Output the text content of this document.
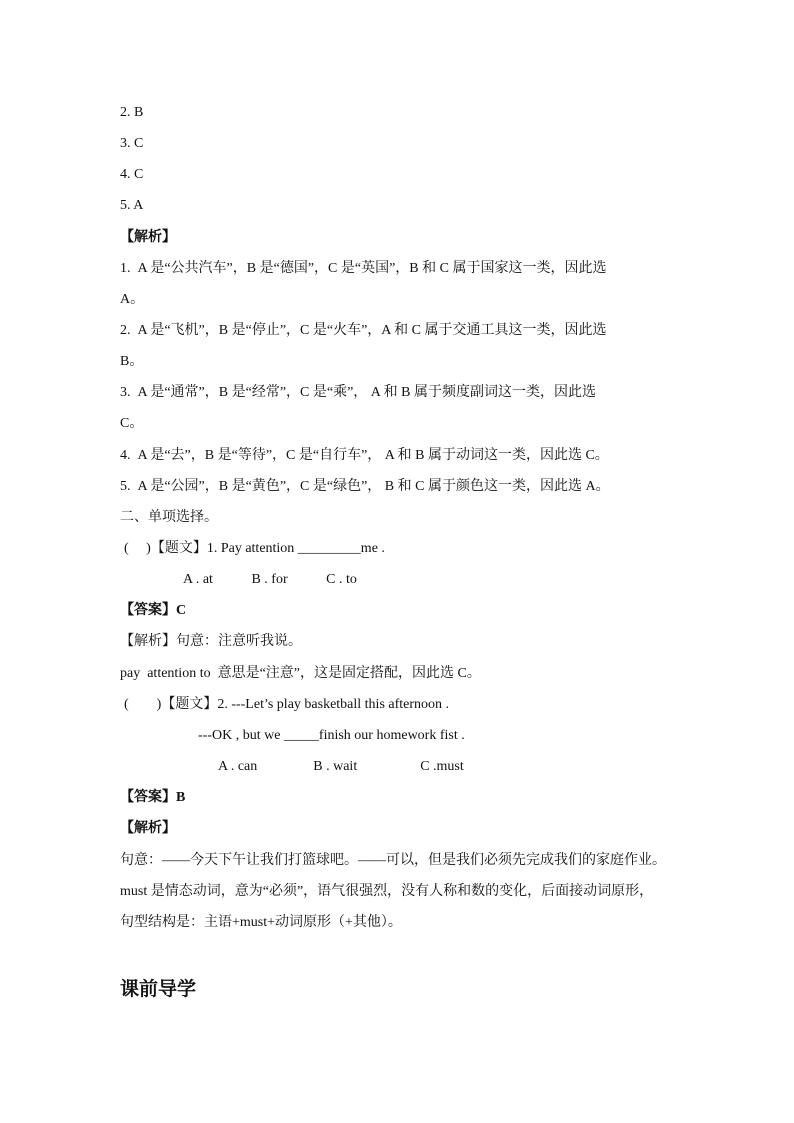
2. B
3. C
4. C
5. A
【解析】
1.  A 是“公共汽车”，B 是“德国”，C 是“英国”，B 和 C 属于国家这一类，因此选
A。
2.  A 是“飞机”，B 是“停止”，C 是“火车”，A 和 C 属于交通工具这一类，因此选
B。
3.  A 是“通常”，B 是“经常”，C 是“乘”， A 和 B 属于频度副词这一类，因此选
C。
4.  A 是“去”，B 是“等待”，C 是“自行车”， A 和 B 属于动词这一类，因此选 C。
5.  A 是“公园”，B 是“黄色”，C 是“绿色”， B 和 C 属于颜色这一类，因此选 A。
二、单项选择。
(     )【题文】1. Pay attention _________me .
A . at           B . for           C . to
【答案】C
【解析】句意：注意听我说。
pay  attention to  意思是“注意”，这是固定搭配，因此选 C。
(        )【题文】2. ---Let’s play basketball this afternoon .
---OK , but we _____finish our homework fist .
A . can                B . wait                  C .must
【答案】B
【解析】
句意：——今天下午让我们打篮球吧。——可以，但是我们必须先完成我们的家庭作业。
must 是情态动词，意为“必须”，语气很强烈，没有人称和数的变化，后面接动词原形，
句型结构是：主语+must+动词原形（+其他）。
课前导学
